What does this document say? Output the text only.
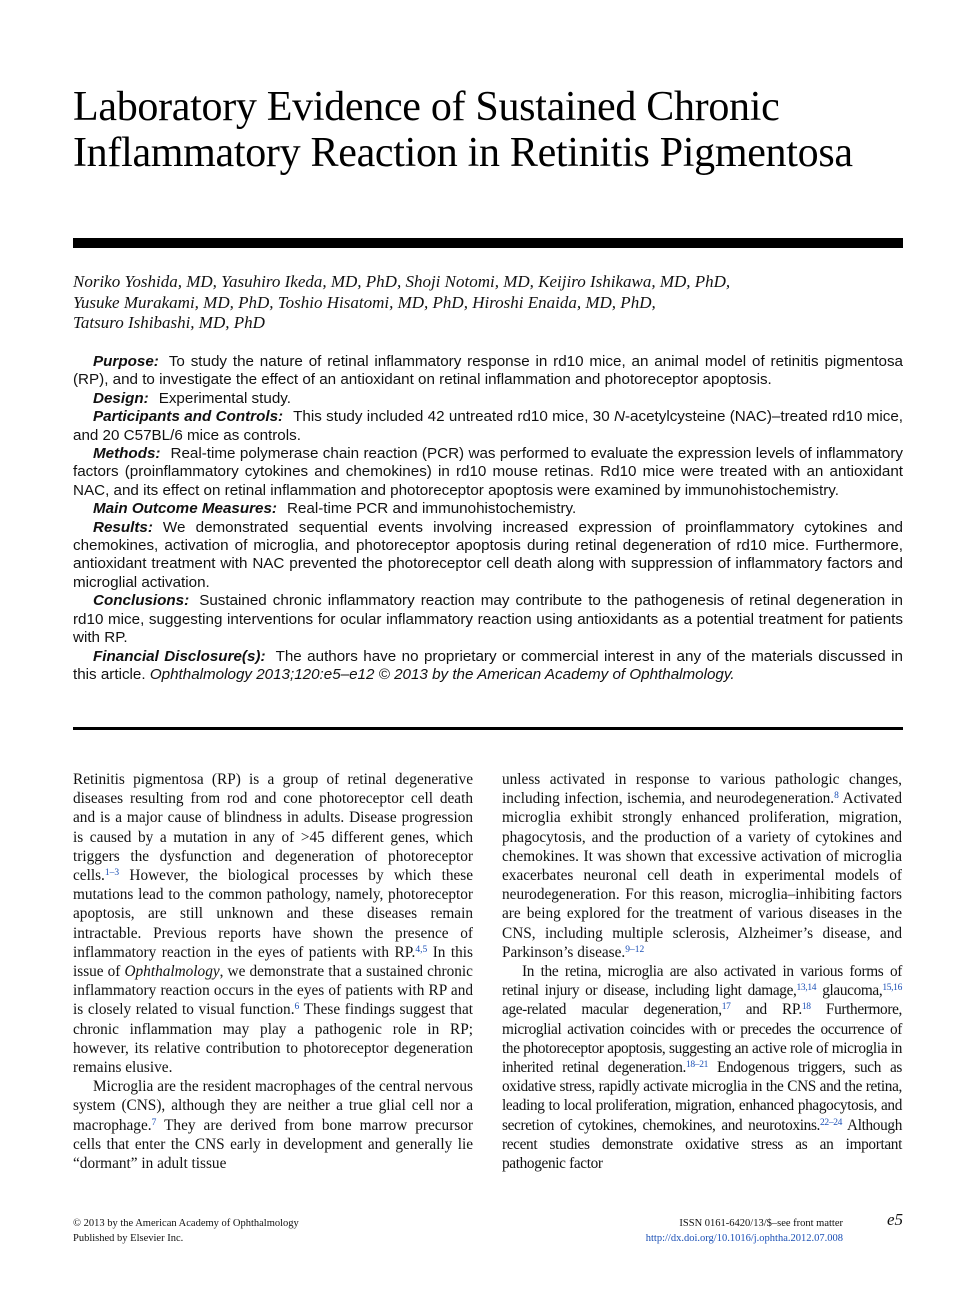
Laboratory Evidence of Sustained Chronic Inflammatory Reaction in Retinitis Pigmentosa
Noriko Yoshida, MD, Yasuhiro Ikeda, MD, PhD, Shoji Notomi, MD, Keijiro Ishikawa, MD, PhD,
Yusuke Murakami, MD, PhD, Toshio Hisatomi, MD, PhD, Hiroshi Enaida, MD, PhD,
Tatsuro Ishibashi, MD, PhD

Purpose: To study the nature of retinal inflammatory response in rd10 mice, an animal model of retinitis pigmentosa (RP), and to investigate the effect of an antioxidant on retinal inflammation and photoreceptor apoptosis.

Design: Experimental study.

Participants and Controls: This study included 42 untreated rd10 mice, 30 N-acetylcysteine (NAC)–treated rd10 mice, and 20 C57BL/6 mice as controls.

Methods: Real-time polymerase chain reaction (PCR) was performed to evaluate the expression levels of inflammatory factors (proinflammatory cytokines and chemokines) in rd10 mouse retinas. Rd10 mice were treated with an antioxidant NAC, and its effect on retinal inflammation and photoreceptor apoptosis were examined by immunohistochemistry.

Main Outcome Measures: Real-time PCR and immunohistochemistry.

Results: We demonstrated sequential events involving increased expression of proinflammatory cytokines and chemokines, activation of microglia, and photoreceptor apoptosis during retinal degeneration of rd10 mice. Furthermore, antioxidant treatment with NAC prevented the photoreceptor cell death along with suppression of inflammatory factors and microglial activation.

Conclusions: Sustained chronic inflammatory reaction may contribute to the pathogenesis of retinal degeneration in rd10 mice, suggesting interventions for ocular inflammatory reaction using antioxidants as a potential treatment for patients with RP.

Financial Disclosure(s): The authors have no proprietary or commercial interest in any of the materials discussed in this article. Ophthalmology 2013;120:e5–e12 © 2013 by the American Academy of Ophthalmology.

Retinitis pigmentosa (RP) is a group of retinal degenerative diseases resulting from rod and cone photoreceptor cell death and is a major cause of blindness in adults. Disease progression is caused by a mutation in any of >45 different genes, which triggers the dysfunction and degeneration of photoreceptor cells.$^{1-3}$ However, the biological processes by which these mutations lead to the common pathology, namely, photoreceptor apoptosis, are still unknown and these diseases remain intractable. Previous reports have shown the presence of inflammatory reaction in the eyes of patients with RP.$^{4,5}$ In this issue of Ophthalmology, we demonstrate that a sustained chronic inflammatory reaction occurs in the eyes of patients with RP and is closely related to visual function.$^6$ These findings suggest that chronic inflammation may play a pathogenic role in RP; however, its relative contribution to photoreceptor degeneration remains elusive.

Microglia are the resident macrophages of the central nervous system (CNS), although they are neither a true glial cell nor a macrophage.$^7$ They are derived from bone marrow precursor cells that enter the CNS early in development and generally lie “dormant” in adult tissue

unless activated in response to various pathologic changes, including infection, ischemia, and neurodegeneration.$^8$ Activated microglia exhibit strongly enhanced proliferation, migration, phagocytosis, and the production of a variety of cytokines and chemokines. It was shown that excessive activation of microglia exacerbates neuronal cell death in experimental models of neurodegeneration. For this reason, microglia–inhibiting factors are being explored for the treatment of various diseases in the CNS, including multiple sclerosis, Alzheimer’s disease, and Parkinson’s disease.$^{9-12}$

In the retina, microglia are also activated in various forms of retinal injury or disease, including light damage,$^{13,14}$ glaucoma,$^{15,16}$ age-related macular degeneration,$^{17}$ and RP.$^{18}$ Furthermore, microglial activation coincides with or precedes the occurrence of the photoreceptor apoptosis, suggesting an active role of microglia in inherited retinal degeneration.$^{18-21}$ Endogenous triggers, such as oxidative stress, rapidly activate microglia in the CNS and the retina, leading to local proliferation, migration, enhanced phagocytosis, and secretion of cytokines, chemokines, and neurotoxins.$^{22-24}$ Although recent studies demonstrate oxidative stress as an important pathogenic factor

© 2013 by the American Academy of Ophthalmology
Published by Elsevier Inc.
ISSN 0161-6420/13/$–see front matter
http://dx.doi.org/10.1016/j.ophtha.2012.07.008
e5
